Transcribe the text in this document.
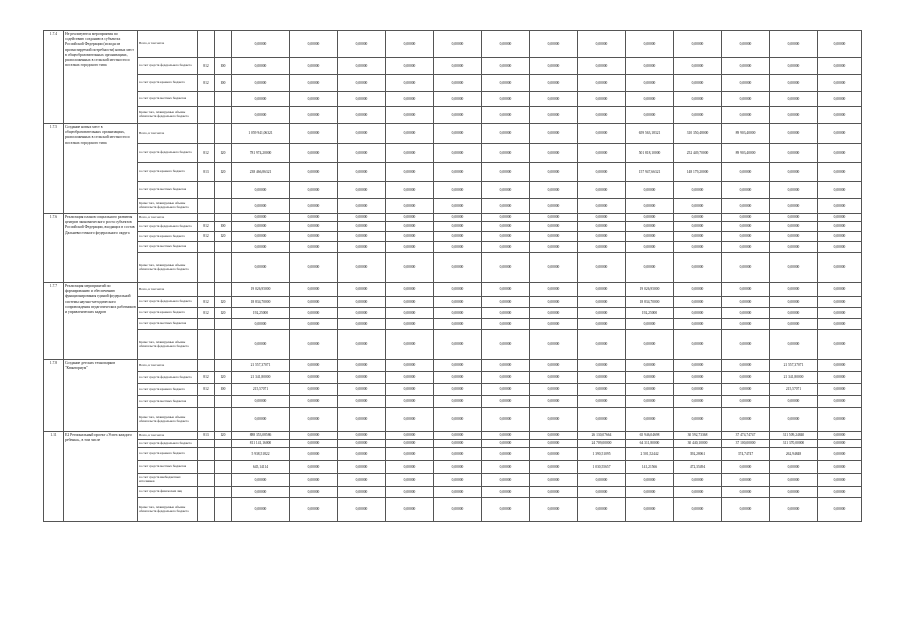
1.7.4	Не реализуются мероприятия по содействию созданию в субъектах Российской Федерации (исходя из прогнозируемой потребности) новых мест в общеобразовательных организациях, расположенных в сельской местности и поселках городского типа	Всего, в том числе			0,00000	0,00000	0,00000	0,00000	0,00000	0,00000	0,00000	0,00000	0,00000	0,00000	0,00000	0,00000	0,00000
		за счет средств федерального бюджета	812	I00	0,00000	0,00000	0,00000	0,00000	0,00000	0,00000	0,00000	0,00000	0,00000	0,00000	0,00000	0,00000	0,00000
		за счет средств краевого бюджета	812	I00	0,00000	0,00000	0,00000	0,00000	0,00000	0,00000	0,00000	0,00000	0,00000	0,00000	0,00000	0,00000	0,00000
		за счет средств местных бюджетов			0,00000	0,00000	0,00000	0,00000	0,00000	0,00000	0,00000	0,00000	0,00000	0,00000	0,00000	0,00000	0,00000
		Кроме того, планируемые объемы обязательств федерального бюджета			0,00000	0,00000	0,00000	0,00000	0,00000	0,00000	0,00000	0,00000	0,00000	0,00000	0,00000	0,00000	0,00000
1.7.5	Создание новых мест в общеобразовательных организациях, расположенных в сельской местности и поселках городского типа	Всего, в том числе			1 059 941,06321	0,00000	0,00000	0,00000	0,00000	0,00000	0,00000	0,00000	659 563,18321	310 350,48000	89 903,40000	0,00000	0,00000
		за счет средств федерального бюджета	812	I20	781 974,20000	0,00000	0,00000	0,00000	0,00000	0,00000	0,00000	0,00000	501 818,10000	252 449,70000	89 903,40000	0,00000	0,00000
		за счет средств краевого бюджета	813	I20	238 466,86321	0,00000	0,00000	0,00000	0,00000	0,00000	0,00000	0,00000	157 947,66321	148 179,20000	0,00000	0,00000	0,00000
		за счет средств местных бюджетов			0,00000	0,00000	0,00000	0,00000	0,00000	0,00000	0,00000	0,00000	0,00000	0,00000	0,00000	0,00000	0,00000
		Кроме того, планируемые объемы обязательств федерального бюджета			0,00000	0,00000	0,00000	0,00000	0,00000	0,00000	0,00000	0,00000	0,00000	0,00000	0,00000	0,00000	0,00000
1.7.6	Реализация планов социального развития центров экономического роста субъектов Российской Федерации, входящих в состав Дальневосточного федерального округа	Всего, в том числе			0,00000	0,00000	0,00000	0,00000	0,00000	0,00000	0,00000	0,00000	0,00000	0,00000	0,00000	0,00000	0,00000
		за счет средств федерального бюджета	812	I00	0,00000	0,00000	0,00000	0,00000	0,00000	0,00000	0,00000	0,00000	0,00000	0,00000	0,00000	0,00000	0,00000
		за счет средств краевого бюджета	812	I20	0,00000	0,00000	0,00000	0,00000	0,00000	0,00000	0,00000	0,00000	0,00000	0,00000	0,00000	0,00000	0,00000
		за счет средств местных бюджетов			0,00000	0,00000	0,00000	0,00000	0,00000	0,00000	0,00000	0,00000	0,00000	0,00000	0,00000	0,00000	0,00000
		Кроме того, планируемые объемы обязательств федерального бюджета			0,00000	0,00000	0,00000	0,00000	0,00000	0,00000	0,00000	0,00000	0,00000	0,00000	0,00000	0,00000	0,00000
1.7.7	Реализация мероприятий по формированию и обеспечению функционирования единой федеральной системы научно-методического сопровождения педагогических работников и управленческих кадров	Всего, в том числе			19 026,95000	0,00000	0,00000	0,00000	0,00000	0,00000	0,00000	0,00000	19 026,95000	0,00000	0,00000	0,00000	0,00000
		за счет средств федерального бюджета	812	I20	18 834,70000	0,00000	0,00000	0,00000	0,00000	0,00000	0,00000	0,00000	18 834,70000	0,00000	0,00000	0,00000	0,00000
		за счет средств краевого бюджета	812	I20	192,25000	0,00000	0,00000	0,00000	0,00000	0,00000	0,00000	0,00000	192,25000	0,00000	0,00000	0,00000	0,00000
		за счет средств местных бюджетов			0,00000	0,00000	0,00000	0,00000	0,00000	0,00000	0,00000	0,00000	0,00000	0,00000	0,00000	0,00000	0,00000
		Кроме того, планируемые объемы обязательств федерального бюджета			0,00000	0,00000	0,00000	0,00000	0,00000	0,00000	0,00000	0,00000	0,00000	0,00000	0,00000	0,00000	0,00000
1.7.8	Создание детских технопарков "Кванториум"	Всего, в том числе			21 557,37071	0,00000	0,00000	0,00000	0,00000	0,00000	0,00000	0,00000	0,00000	0,00000	0,00000	21 557,37071	0,00000
		за счет средств федерального бюджета	812	I20	21 341,80000	0,00000	0,00000	0,00000	0,00000	0,00000	0,00000	0,00000	0,00000	0,00000	0,00000	21 341,80000	0,00000
		за счет средств краевого бюджета	812	I00	215,57071	0,00000	0,00000	0,00000	0,00000	0,00000	0,00000	0,00000	0,00000	0,00000	0,00000	215,57071	0,00000
		за счет средств местных бюджетов			0,00000	0,00000	0,00000	0,00000	0,00000	0,00000	0,00000	0,00000	0,00000	0,00000	0,00000	0,00000	0,00000
		Кроме того, планируемые объемы обязательств федерального бюджета			0,00000	0,00000	0,00000	0,00000	0,00000	0,00000	0,00000	0,00000	0,00000	0,00000	0,00000	0,00000	0,00000
1.11	E2 Региональный проект «Успех каждого ребенка», в том числе	Всего, в том числе	813	I20	888 353,08586	0,00000	0,00000	0,00000	0,00000	0,00000	0,00000	26 130,07664	65 946,04698	30 592,73368	37 474,74747	311 509,24840	0,00000
		за счет средств федерального бюджета			811 141,16000	0,00000	0,00000	0,00000	0,00000	0,00000	0,00000	24 709,00000	64 311,80000	30 440,10000	37 100,00000	311 370,00000	0,00000
		за счет средств краевого бюджета			5 938,51822	0,00000	0,00000	0,00000	0,00000	0,00000	0,00000	1 390,51095	2 501,52442	392,28061	374,74747	262,94848	0,00000
		за счет средств местных бюджетов			645,14114	0,00000	0,00000	0,00000	0,00000	0,00000	0,00000	1 030,55657	141,21566	472,35494	0,00000	0,00000	0,00000
		за счет средств внебюджетных источников			0,00000	0,00000	0,00000	0,00000	0,00000	0,00000	0,00000	0,00000	0,00000	0,00000	0,00000	0,00000	0,00000
		за счет средств физических лиц			0,00000	0,00000	0,00000	0,00000	0,00000	0,00000	0,00000	0,00000	0,00000	0,00000	0,00000	0,00000	0,00000
		Кроме того, планируемые объемы обязательств федерального бюджета			0,00000	0,00000	0,00000	0,00000	0,00000	0,00000	0,00000	0,00000	0,00000	0,00000	0,00000	0,00000	0,00000
